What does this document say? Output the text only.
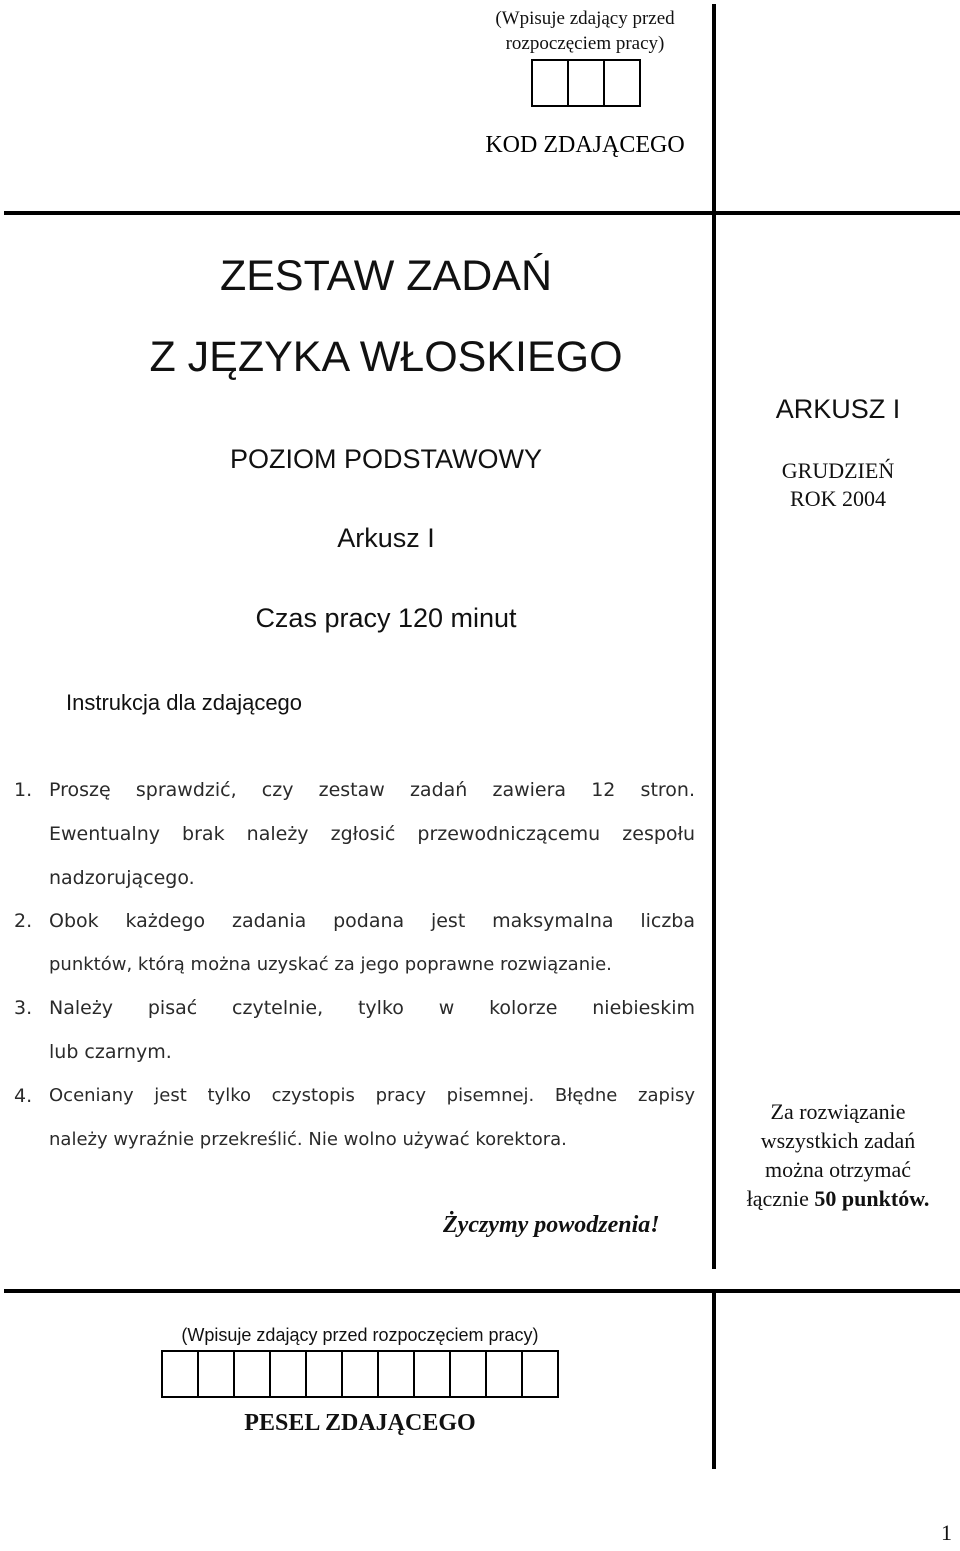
(Wpisuje zdający przed
rozpoczęciem pracy)
KOD ZDAJĄCEGO
ZESTAW ZADAŃ
Z JĘZYKA WŁOSKIEGO
POZIOM PODSTAWOWY
Arkusz I
Czas pracy 120 minut
ARKUSZ I
GRUDZIEŃ
ROK 2004
Za rozwiązanie
wszystkich zadań
można otrzymać
łącznie 50 punktów.
Instrukcja dla zdającego
1. Proszę sprawdzić, czy zestaw zadań zawiera 12 stron.
Ewentualny brak należy zgłosić przewodniczącemu zespołu
nadzorującego.
2. Obok każdego zadania podana jest maksymalna liczba
punktów, którą można uzyskać za jego poprawne rozwiązanie.
3. Należy pisać czytelnie, tylko w kolorze niebieskim
lub czarnym.
4. Oceniany jest tylko czystopis pracy pisemnej. Błędne zapisy
należy wyraźnie przekreślić. Nie wolno używać korektora.
Życzymy powodzenia!
(Wpisuje zdający przed rozpoczęciem pracy)
PESEL ZDAJĄCEGO
1
